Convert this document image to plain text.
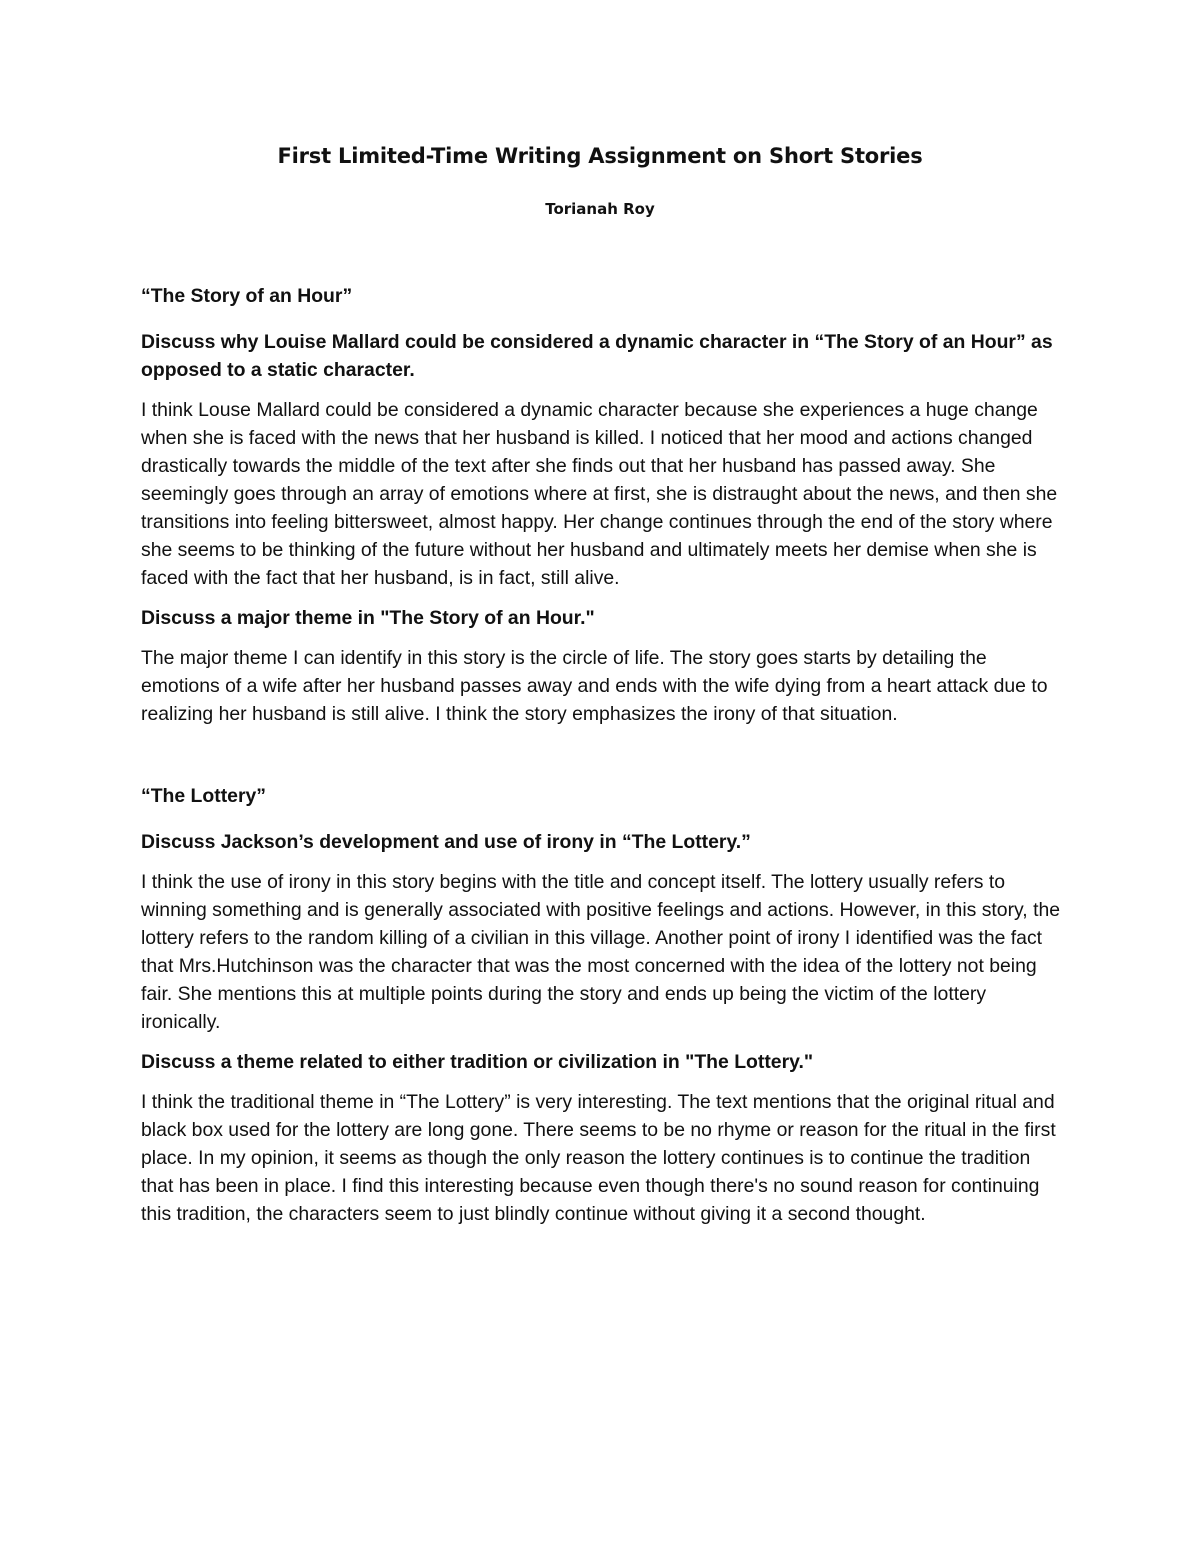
First Limited-Time Writing Assignment on Short Stories
Torianah Roy

“The Story of an Hour”

Discuss why Louise Mallard could be considered a dynamic character in “The Story of an Hour” as opposed to a static character.

I think Louse Mallard could be considered a dynamic character because she experiences a huge change when she is faced with the news that her husband is killed. I noticed that her mood and actions changed drastically towards the middle of the text after she finds out that her husband has passed away. She seemingly goes through an array of emotions where at first, she is distraught about the news, and then she transitions into feeling bittersweet, almost happy. Her change continues through the end of the story where she seems to be thinking of the future without her husband and ultimately meets her demise when she is faced with the fact that her husband, is in fact, still alive.

Discuss a major theme in "The Story of an Hour."

The major theme I can identify in this story is the circle of life. The story goes starts by detailing the emotions of a wife after her husband passes away and ends with the wife dying from a heart attack due to realizing her husband is still alive. I think the story emphasizes the irony of that situation.

“The Lottery”

Discuss Jackson’s development and use of irony in “The Lottery.”

I think the use of irony in this story begins with the title and concept itself. The lottery usually refers to winning something and is generally associated with positive feelings and actions. However, in this story, the lottery refers to the random killing of a civilian in this village. Another point of irony I identified was the fact that Mrs.Hutchinson was the character that was the most concerned with the idea of the lottery not being fair. She mentions this at multiple points during the story and ends up being the victim of the lottery ironically.

Discuss a theme related to either tradition or civilization in "The Lottery."

I think the traditional theme in “The Lottery” is very interesting. The text mentions that the original ritual and black box used for the lottery are long gone. There seems to be no rhyme or reason for the ritual in the first place. In my opinion, it seems as though the only reason the lottery continues is to continue the tradition that has been in place. I find this interesting because even though there's no sound reason for continuing this tradition, the characters seem to just blindly continue without giving it a second thought.
